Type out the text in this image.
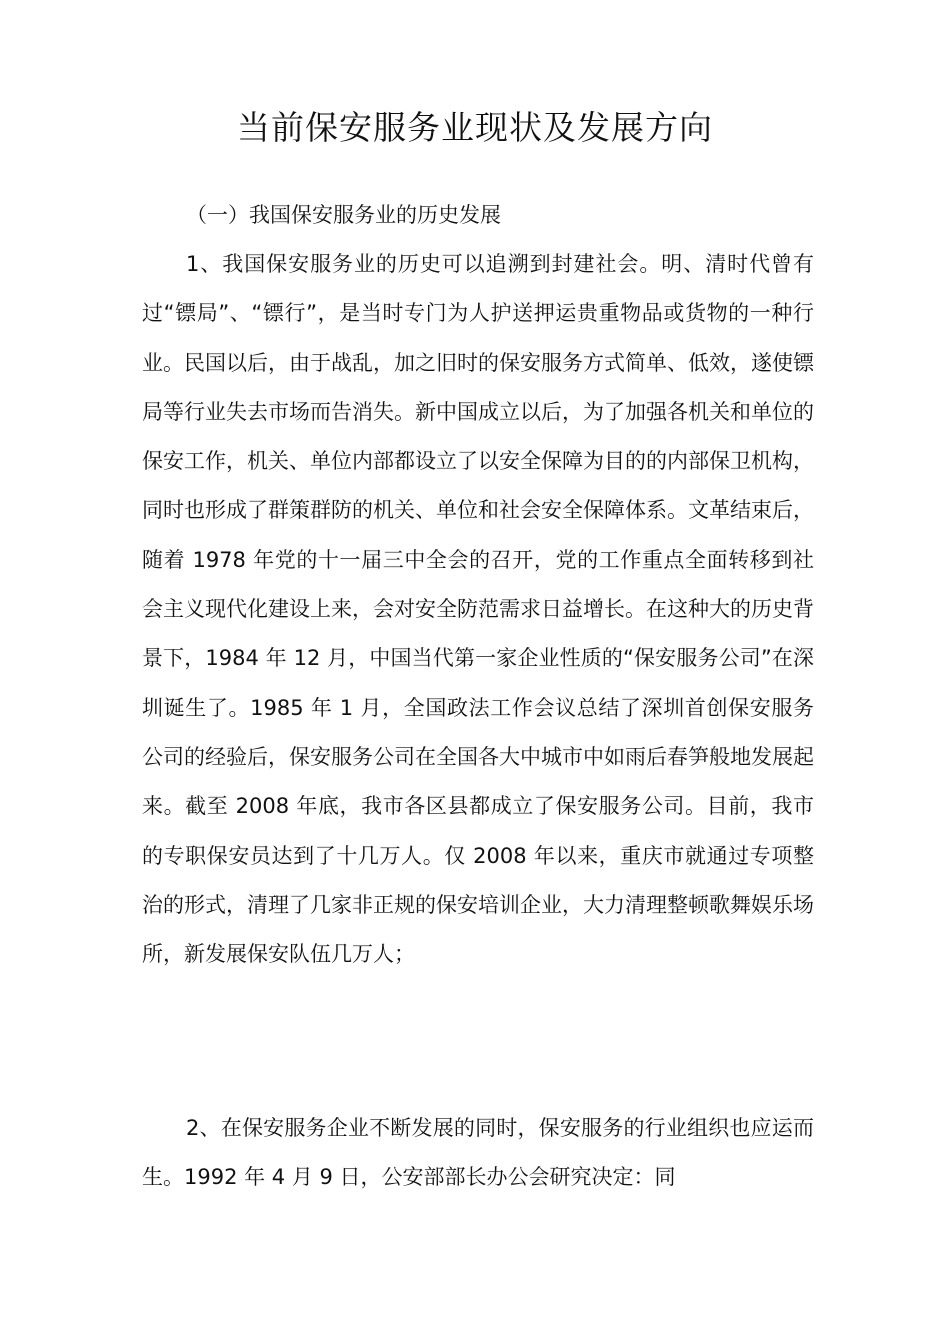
当前保安服务业现状及发展方向
（一）我国保安服务业的历史发展

1、我国保安服务业的历史可以追溯到封建社会。明、清时代曾有过“镖局”、“镖行”，是当时专门为人护送押运贵重物品或货物的一种行业。民国以后，由于战乱，加之旧时的保安服务方式简单、低效，遂使镖局等行业失去市场而告消失。新中国成立以后，为了加强各机关和单位的保安工作，机关、单位内部都设立了以安全保障为目的的内部保卫机构，同时也形成了群策群防的机关、单位和社会安全保障体系。文革结束后，随着 1978 年党的十一届三中全会的召开，党的工作重点全面转移到社会主义现代化建设上来，会对安全防范需求日益增长。在这种大的历史背景下，1984 年 12 月，中国当代第一家企业性质的“保安服务公司”在深圳诞生了。1985 年 1 月，全国政法工作会议总结了深圳首创保安服务公司的经验后，保安服务公司在全国各大中城市中如雨后春笋般地发展起来。截至 2008 年底，我市各区县都成立了保安服务公司。目前，我市的专职保安员达到了十几万人。仅 2008 年以来，重庆市就通过专项整治的形式，清理了几家非正规的保安培训企业，大力清理整顿歌舞娱乐场所，新发展保安队伍几万人；

2、在保安服务企业不断发展的同时，保安服务的行业组织也应运而生。1992 年 4 月 9 日，公安部部长办公会研究决定：同
